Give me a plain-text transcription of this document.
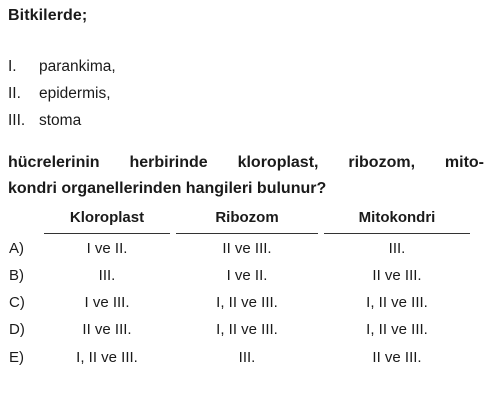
Bitkilerde;
I.	parankima,
II.	epidermis,
III. stoma
hücrelerinin herbirinde kloroplast, ribozom, mito-
kondri organellerinden hangileri bulunur?
Kloroplast	Ribozom	Mitokondri
A)	I ve II.	II ve III.	III.
B)	III.	I ve II.	II ve III.
C)	I ve III.	I, II ve III.	I, II ve III.
D)	II ve III.	I, II ve III.	I, II ve III.
E)	I, II ve III.	III.	II ve III.
